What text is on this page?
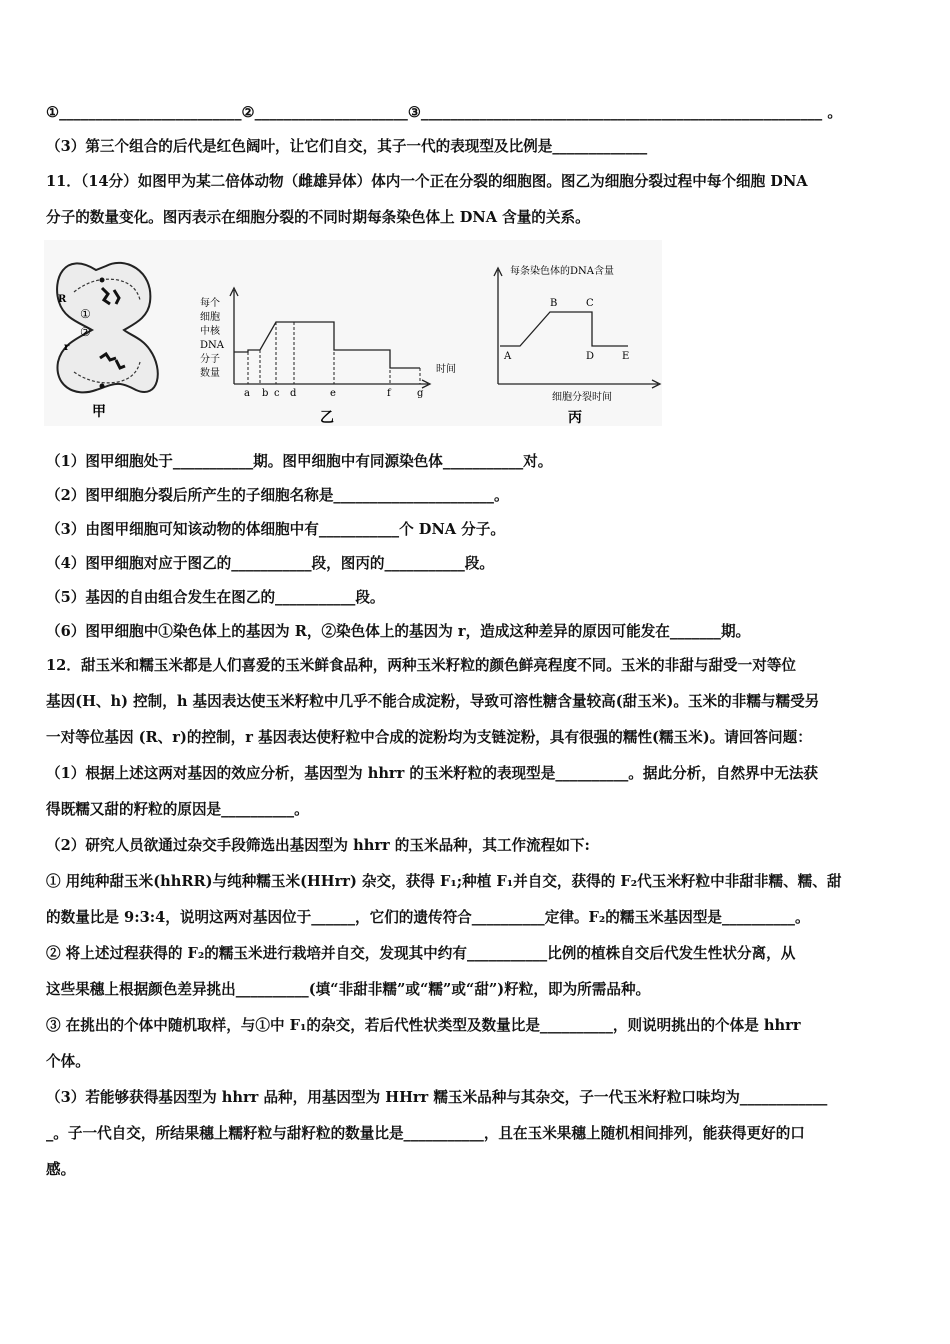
①_________________________②_____________________③_______________________________________________________ 。
（3）第三个组合的后代是红色阔叶，让它们自交，其子一代的表现型及比例是_____________
11．（14分）如图甲为某二倍体动物（雌雄异体）体内一个正在分裂的细胞图。图乙为细胞分裂过程中每个细胞 DNA
分子的数量变化。图丙表示在细胞分裂的不同时期每条染色体上 DNA 含量的关系。
R
①
②
r
甲
每个
细胞
中核
DNA
分子
数量
a b c d	e	f	g
时间
乙
每条染色体的DNA含量
A
B	C
D	E
细胞分裂时间
丙
（1）图甲细胞处于___________期。图甲细胞中有同源染色体___________对。
（2）图甲细胞分裂后所产生的子细胞名称是______________________。
（3）由图甲细胞可知该动物的体细胞中有___________个 DNA 分子。
（4）图甲细胞对应于图乙的___________段，图丙的___________段。
（5）基因的自由组合发生在图乙的___________段。
（6）图甲细胞中①染色体上的基因为 R，②染色体上的基因为 r，造成这种差异的原因可能发在_______期。
12．甜玉米和糯玉米都是人们喜爱的玉米鲜食品种，两种玉米籽粒的颜色鲜亮程度不同。玉米的非甜与甜受一对等位
基因(H、h) 控制，h 基因表达使玉米籽粒中几乎不能合成淀粉，导致可溶性糖含量较高(甜玉米)。玉米的非糯与糯受另
一对等位基因 (R、r)的控制，r 基因表达使籽粒中合成的淀粉均为支链淀粉，具有很强的糯性(糯玉米)。请回答问题：
（1）根据上述这两对基因的效应分析，基因型为 hhrr 的玉米籽粒的表现型是__________。据此分析，自然界中无法获
得既糯又甜的籽粒的原因是__________。
（2）研究人员欲通过杂交手段筛选出基因型为 hhrr 的玉米品种，其工作流程如下:
① 用纯种甜玉米(hhRR)与纯种糯玉米(HHrr) 杂交，获得 F₁;种植 F₁并自交，获得的 F₂代玉米籽粒中非甜非糯、糯、甜
的数量比是 9:3:4，说明这两对基因位于______，它们的遗传符合__________定律。F₂的糯玉米基因型是__________。
② 将上述过程获得的 F₂的糯玉米进行栽培并自交，发现其中约有___________比例的植株自交后代发生性状分离，从
这些果穗上根据颜色差异挑出__________(填“非甜非糯”或“糯”或“甜”)籽粒，即为所需品种。
③ 在挑出的个体中随机取样，与①中 F₁的杂交，若后代性状类型及数量比是__________，则说明挑出的个体是 hhrr
个体。
（3）若能够获得基因型为 hhrr 品种，用基因型为 HHrr 糯玉米品种与其杂交，子一代玉米籽粒口味均为____________
_。子一代自交，所结果穗上糯籽粒与甜籽粒的数量比是___________，且在玉米果穗上随机相间排列，能获得更好的口
感。
